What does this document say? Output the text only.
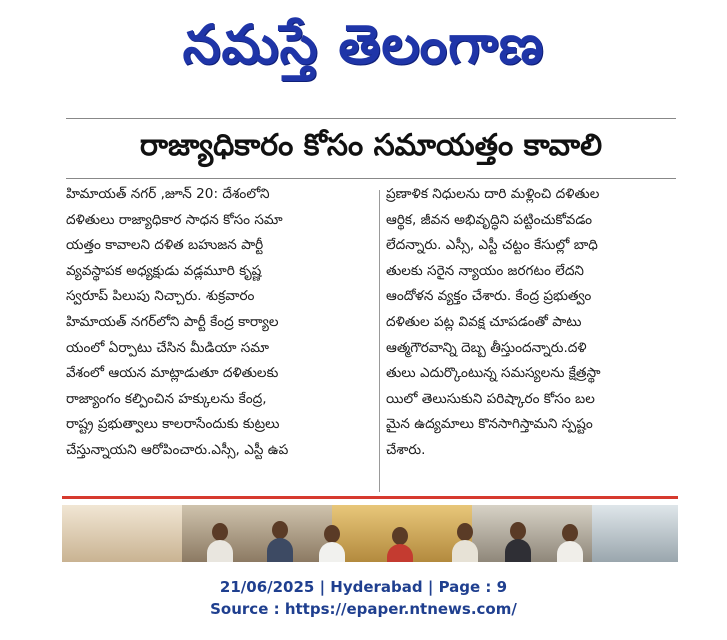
నమస్తే తెలంగాణ
రాజ్యాధికారం కోసం సమాయత్తం కావాలి
హిమాయత్ నగర్ ,జూన్ 20: దేశంలోని
దళితులు రాజ్యాధికార సాధన కోసం సమా
యత్తం కావాలని దళిత బహుజన పార్టీ
వ్యవస్థాపక అధ్యక్షుడు వడ్లమూరి కృష్ణ
స్వరూప్ పిలుపు నిచ్చారు. శుక్రవారం
హిమాయత్ నగర్‌లోని పార్టీ కేంద్ర కార్యాల
యంలో ఏర్పాటు చేసిన మీడియా సమా
వేశంలో ఆయన మాట్లాడుతూ దళితులకు
రాజ్యాంగం కల్పించిన హక్కులను కేంద్ర,
రాష్ట్ర ప్రభుత్వాలు కాలరాసేందుకు కుట్రలు
చేస్తున్నాయని ఆరోపించారు.ఎస్సీ, ఎస్టీ ఉప
ప్రణాళిక నిధులను దారి మళ్లించి దళితుల
ఆర్థిక, జీవన అభివృద్ధిని పట్టించుకోవడం
లేదన్నారు. ఎస్సీ, ఎస్టీ చట్టం కేసుల్లో బాధి
తులకు సరైన న్యాయం జరగటం లేదని
ఆందోళన వ్యక్తం చేశారు. కేంద్ర ప్రభుత్వం
దళితుల పట్ల వివక్ష చూపడంతో పాటు
ఆత్మగౌరవాన్ని దెబ్బ తీస్తుందన్నారు.దళి
తులు ఎదుర్కొంటున్న సమస్యలను క్షేత్రస్థా
యిలో తెలుసుకుని పరిష్కారం కోసం బల
మైన ఉద్యమాలు కొనసాగిస్తామని స్పష్టం
చేశారు.
21/06/2025 | Hyderabad | Page : 9
Source : https://epaper.ntnews.com/
